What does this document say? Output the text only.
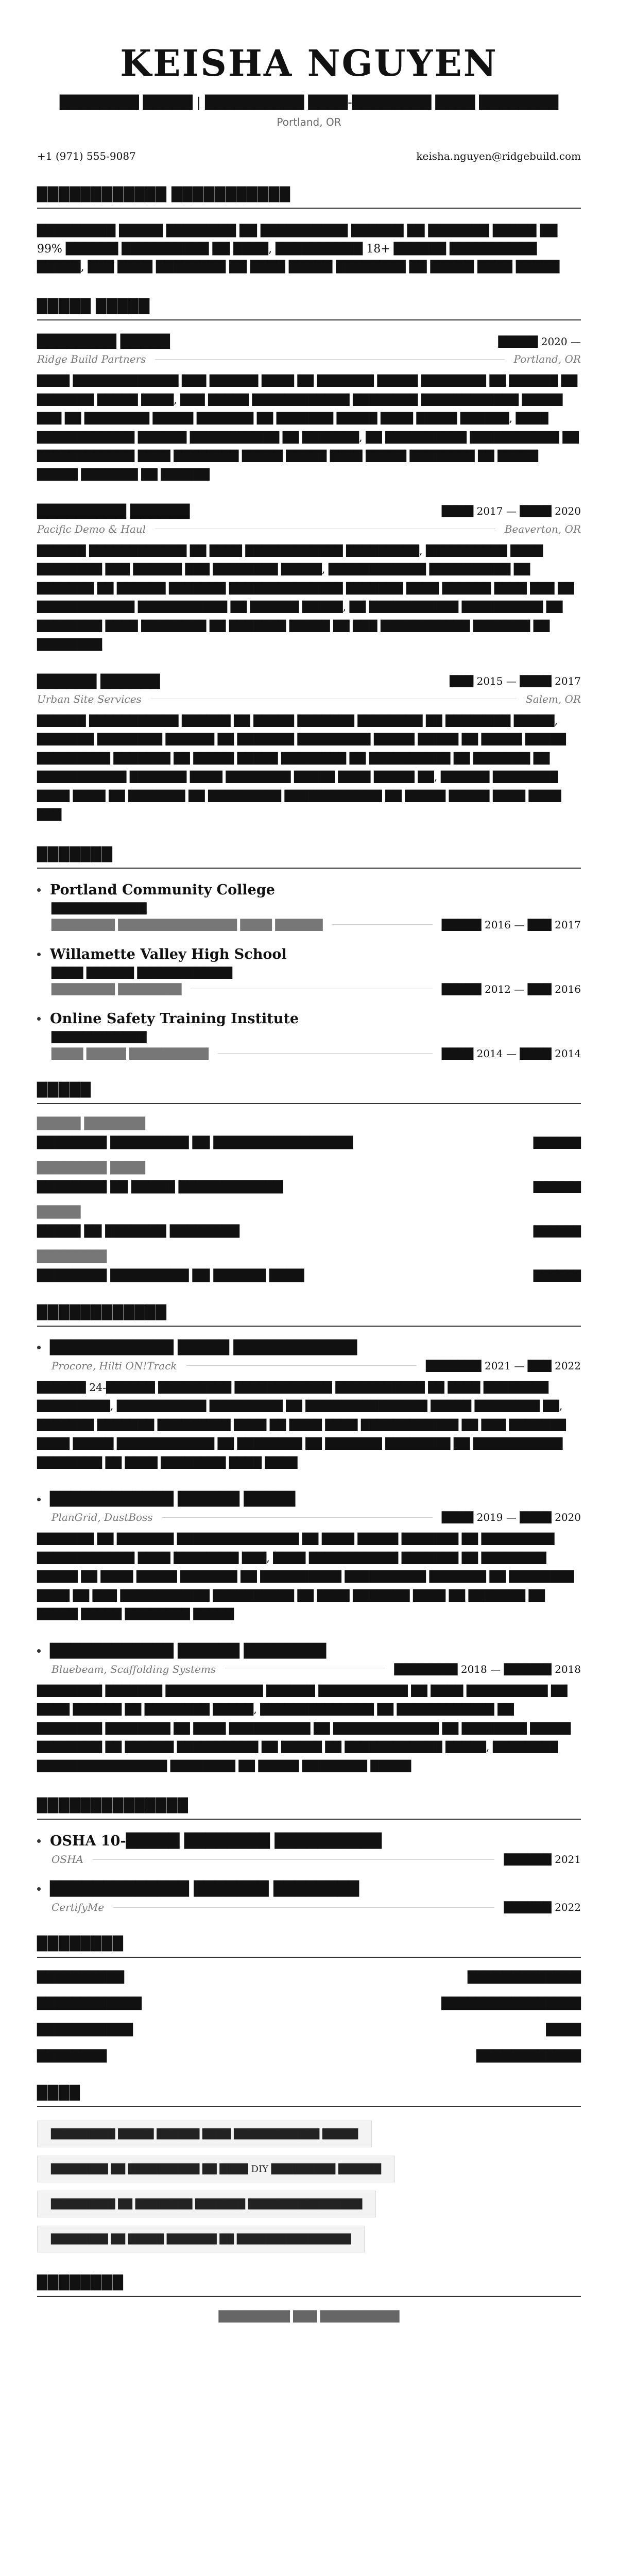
KEISHA NGUYEN
████████ █████ | ██████████ ████-████████ ████ ████████
Portland, OR
+1 (971) 555-9087	keisha.nguyen@ridgebuild.com
████████████ ███████████

█████████ █████ ████████ ██ ██████████ ██████ ██ ███████ █████ ██ 99% ██████ ██████████ ██ ████, ██████████ 18+ ██████ ██████████ █████, ███ ████ ████████ ██ ████ █████ ████████ ██ █████ ████ █████

█████ █████
████████ █████	█████ 2020 —
Ridge Build Partners	Portland, OR

████ █████████████ ███ ██████ ████ ██ ███████ █████ ████████ ██ ██████ ██ ███████ █████ ████, ███ █████ ████████████ ████████ ████████████ █████ ███ ██ ████████ █████ ███████ ██ ███████ █████ ████ █████ ██████, ████ ████████████ ██████ ███████████ ██ ███████, ██ ██████████ ███████████ ██ ████████████ ████ ████████ █████ █████ ████ █████ ████████ ██ █████ █████ ███████ ██ ██████

█████████ ██████	████ 2017 — ████ 2020
Pacific Demo & Haul	Beaverton, OR

██████ ████████████ ██ ████ ████████████ █████████, ██████████ ████ ████████ ███ ██████ ███ ████████ █████, ████████████ ██████████ ██ ███████ ██ ██████ ███████ ██████████████ ███████ ████ ██████ ████ ███ ██ ████████████ ███████████ ██ ██████ █████, ██ ███████████ ██████████ ██ ████████ ████ ████████ ██ ███████ █████ ██ ███ ███████████ ███████ ██ ████████

██████ ██████	███ 2015 — ████ 2017
Urban Site Services	Salem, OR

██████ ███████████ ██████ ██ █████ ███████ ████████ ██ ████████ █████, ███████ ████████ ██████ ██ ███████ █████████ █████ █████ ██ █████ █████ █████████ ███████ ██ █████ █████ ████████ ██ ██████████ ██ ███████ ██ ███████████ ███████ ████ ████████ █████ ████ █████ ██, ██████ ████████ ████ ████ ██ ███████ ██ █████████ ████████████ ██ █████ █████ ████ ████ ███

███████
Portland Community College
████████████
████████ ███████████████ ████ ██████	█████ 2016 — ███ 2017
Willamette Valley High School
████ ██████ ████████████
████████ ████████	█████ 2012 — ███ 2016
Online Safety Training Institute
████████████
████ █████ ██████████	████ 2014 — ████ 2014
█████
█████ ███████
████████ █████████ ██ ████████████████	██████
████████ ████
████████ ██ █████ ████████████	██████
█████
█████ ██ ███████ ████████	██████
████████
████████ █████████ ██ ██████ ████	██████
████████████
████████████ █████ ████████████
Procore, Hilti ON!Track	███████ 2021 — ███ 2022

██████ 24-██████ █████████ ████████████ ███████████ ██ ████ ████████ █████████, ███████████ █████████ ██ ███████████████ █████ ████████ ██, ███████ ███████ █████████ ████ ██ ████ ████ ████████████ ██ ███ ███████ ████ █████ ████████████ ██ ████████ ██ ███████ ████████ ██ ███████████ ████████ ██ ████ ████████ ████ ████

████████████ ██████ █████
PlanGrid, DustBoss	████ 2019 — ████ 2020

███████ ██ ███████ ███████████████ ██ ████ █████ ███████ ██ █████████ ████████████ ████ ████████ ███, ████ ███████████ ███████ ██ ████████ █████ ██ ████ █████ ███████ ██ ██████████ ██████████ ███████ ██ ████████ ████ ██ ███ ███████████ ██████████ ██ ████ ███████ ████ ██ ███████ ██ █████ █████ ████████ █████

████████████ ██████ ████████
Bluebeam, Scaffolding Systems	████████ 2018 — ██████ 2018

████████ ███████ ████████████ ██████ ███████████ ██ ████ ██████████ ██ ████ ██████ ██ ████████ █████, ██████████████ ██ ████████████ ██ ████████ ████████ ██ ████ ██████████ ██ █████████████ ██ ████████ █████ ████████ ██ ██████ ██████████ ██ █████ ██ ████████████ █████, ████████ ████████████████ ████████ ██ █████ ████████ █████

██████████████
OSHA 10-█████ ████████ ██████████
OSHA	██████ 2021
█████████████ ███████ ████████
CertifyMe	██████ 2022
████████
██████████	█████████████
████████████	████████████████
███████████	████
████████	████████████
████
█████████ █████ ██████ ████ ████████████ █████
████████ ██ ██████████ ██ ████ DIY █████████ ██████
█████████ ██ ████████ ███████ ████████████████
████████ ██ █████ ███████ ██ ████████████████
████████
█████████ ███ ██████████
